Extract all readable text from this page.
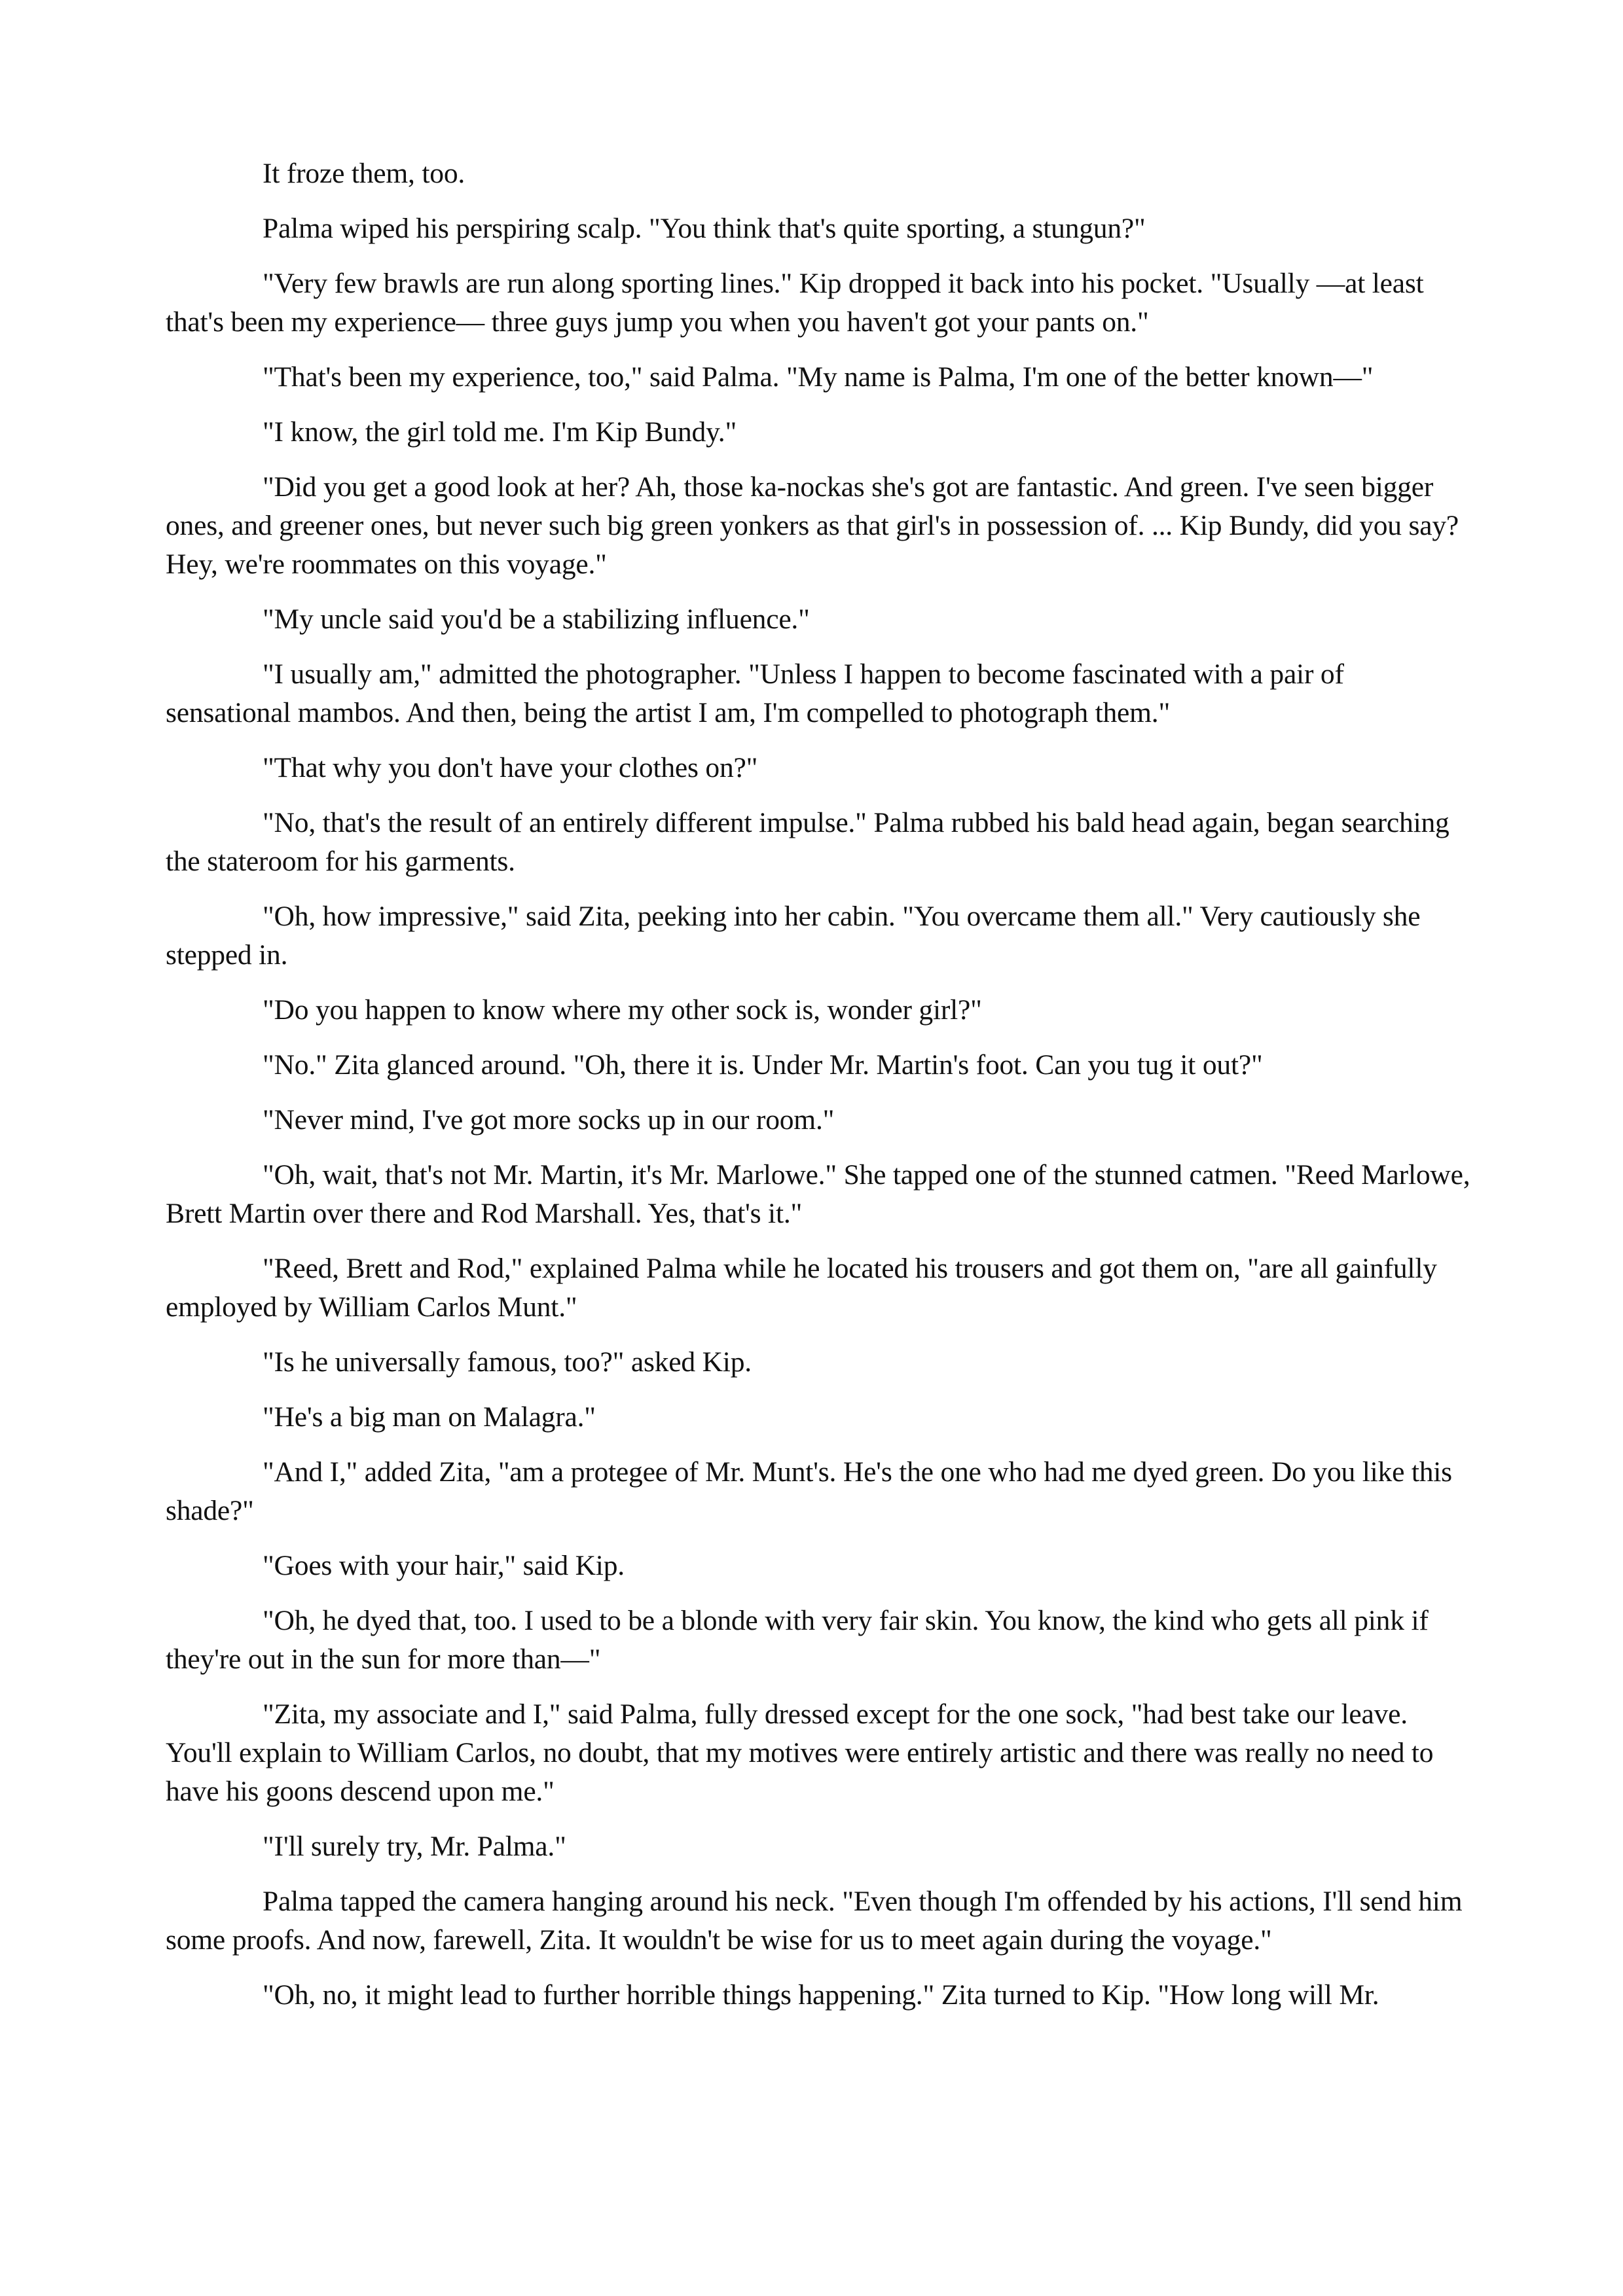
It froze them, too.

Palma wiped his perspiring scalp. "You think that's quite sporting, a stungun?"

"Very few brawls are run along sporting lines." Kip dropped it back into his pocket. "Usually —at least that's been my experience— three guys jump you when you haven't got your pants on."

"That's been my experience, too," said Palma. "My name is Palma, I'm one of the better known—"

"I know, the girl told me. I'm Kip Bundy."

"Did you get a good look at her? Ah, those ka-nockas she's got are fantastic. And green. I've seen bigger ones, and greener ones, but never such big green yonkers as that girl's in possession of. ... Kip Bundy, did you say? Hey, we're roommates on this voyage."

"My uncle said you'd be a stabilizing influence."

"I usually am," admitted the photographer. "Unless I happen to become fascinated with a pair of sensational mambos. And then, being the artist I am, I'm compelled to photograph them."

"That why you don't have your clothes on?"

"No, that's the result of an entirely different impulse." Palma rubbed his bald head again, began searching the stateroom for his garments.

"Oh, how impressive," said Zita, peeking into her cabin. "You overcame them all." Very cautiously she stepped in.

"Do you happen to know where my other sock is, wonder girl?"

"No." Zita glanced around. "Oh, there it is. Under Mr. Martin's foot. Can you tug it out?"

"Never mind, I've got more socks up in our room."

"Oh, wait, that's not Mr. Martin, it's Mr. Marlowe." She tapped one of the stunned catmen. "Reed Marlowe, Brett Martin over there and Rod Marshall. Yes, that's it."

"Reed, Brett and Rod," explained Palma while he located his trousers and got them on, "are all gainfully employed by William Carlos Munt."

"Is he universally famous, too?" asked Kip.

"He's a big man on Malagra."

"And I," added Zita, "am a protegee of Mr. Munt's. He's the one who had me dyed green. Do you like this shade?"

"Goes with your hair," said Kip.

"Oh, he dyed that, too. I used to be a blonde with very fair skin. You know, the kind who gets all pink if they're out in the sun for more than—"

"Zita, my associate and I," said Palma, fully dressed except for the one sock, "had best take our leave. You'll explain to William Carlos, no doubt, that my motives were entirely artistic and there was really no need to have his goons descend upon me."

"I'll surely try, Mr. Palma."

Palma tapped the camera hanging around his neck. "Even though I'm offended by his actions, I'll send him some proofs. And now, farewell, Zita. It wouldn't be wise for us to meet again during the voyage."

"Oh, no, it might lead to further horrible things happening." Zita turned to Kip. "How long will Mr.
